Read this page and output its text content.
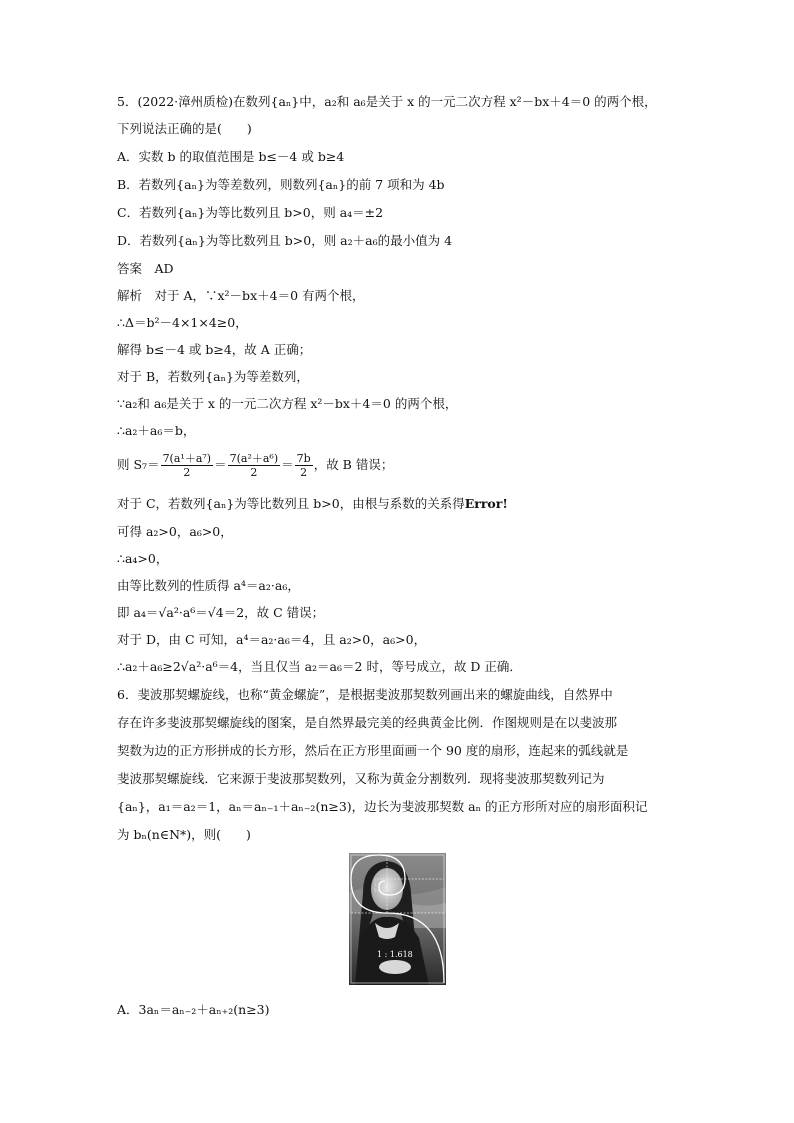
5．(2022·漳州质检)在数列{aₙ}中，a₂和 a₆是关于 x 的一元二次方程 x²－bx＋4＝0 的两个根，
下列说法正确的是(　　)
A．实数 b 的取值范围是 b≤－4 或 b≥4
B．若数列{aₙ}为等差数列，则数列{aₙ}的前 7 项和为 4b
C．若数列{aₙ}为等比数列且 b>0，则 a₄＝±2
D．若数列{aₙ}为等比数列且 b>0，则 a₂＋a₆的最小值为 4
答案　AD
解析　对于 A，∵x²－bx＋4＝0 有两个根，
∴Δ＝b²－4×1×4≥0，
解得 b≤－4 或 b≥4，故 A 正确；
对于 B，若数列{aₙ}为等差数列，
∵a₂和 a₆是关于 x 的一元二次方程 x²－bx＋4＝0 的两个根，
∴a₂＋a₆＝b，
则 $S_7= \frac{\text{7(a¹＋a⁷)}}{2} = \frac{\text{7(a²＋a⁶)}}{2} = \frac{7b}{2}$ ，故 B 错误；
对于 C，若数列{aₙ}为等比数列且 b>0，由根与系数的关系得Error!
可得 a₂>0，a₆>0，
∴a₄>0，
由等比数列的性质得 a⁴＝a₂·a₆，
即 a₄＝√a²·a⁶＝√4＝2，故 C 错误；
对于 D，由 C 可知，a⁴＝a₂·a₆＝4，且 a₂>0，a₆>0，
∴a₂＋a₆≥2√a²·a⁶＝4，当且仅当 a₂＝a₆＝2 时，等号成立，故 D 正确．
6．斐波那契螺旋线，也称“黄金螺旋”，是根据斐波那契数列画出来的螺旋曲线，自然界中
存在许多斐波那契螺旋线的图案，是自然界最完美的经典黄金比例．作图规则是在以斐波那
契数为边的正方形拼成的长方形，然后在正方形里面画一个 90 度的扇形，连起来的弧线就是
斐波那契螺旋线．它来源于斐波那契数列，又称为黄金分割数列．现将斐波那契数列记为
{aₙ}，a₁＝a₂＝1，aₙ＝aₙ₋₁＋aₙ₋₂(n≥3)，边长为斐波那契数 aₙ 的正方形所对应的扇形面积记
为 bₙ(n∈N*)，则(　　)
1 : 1.618
A．3aₙ＝aₙ₋₂＋aₙ₊₂(n≥3)
